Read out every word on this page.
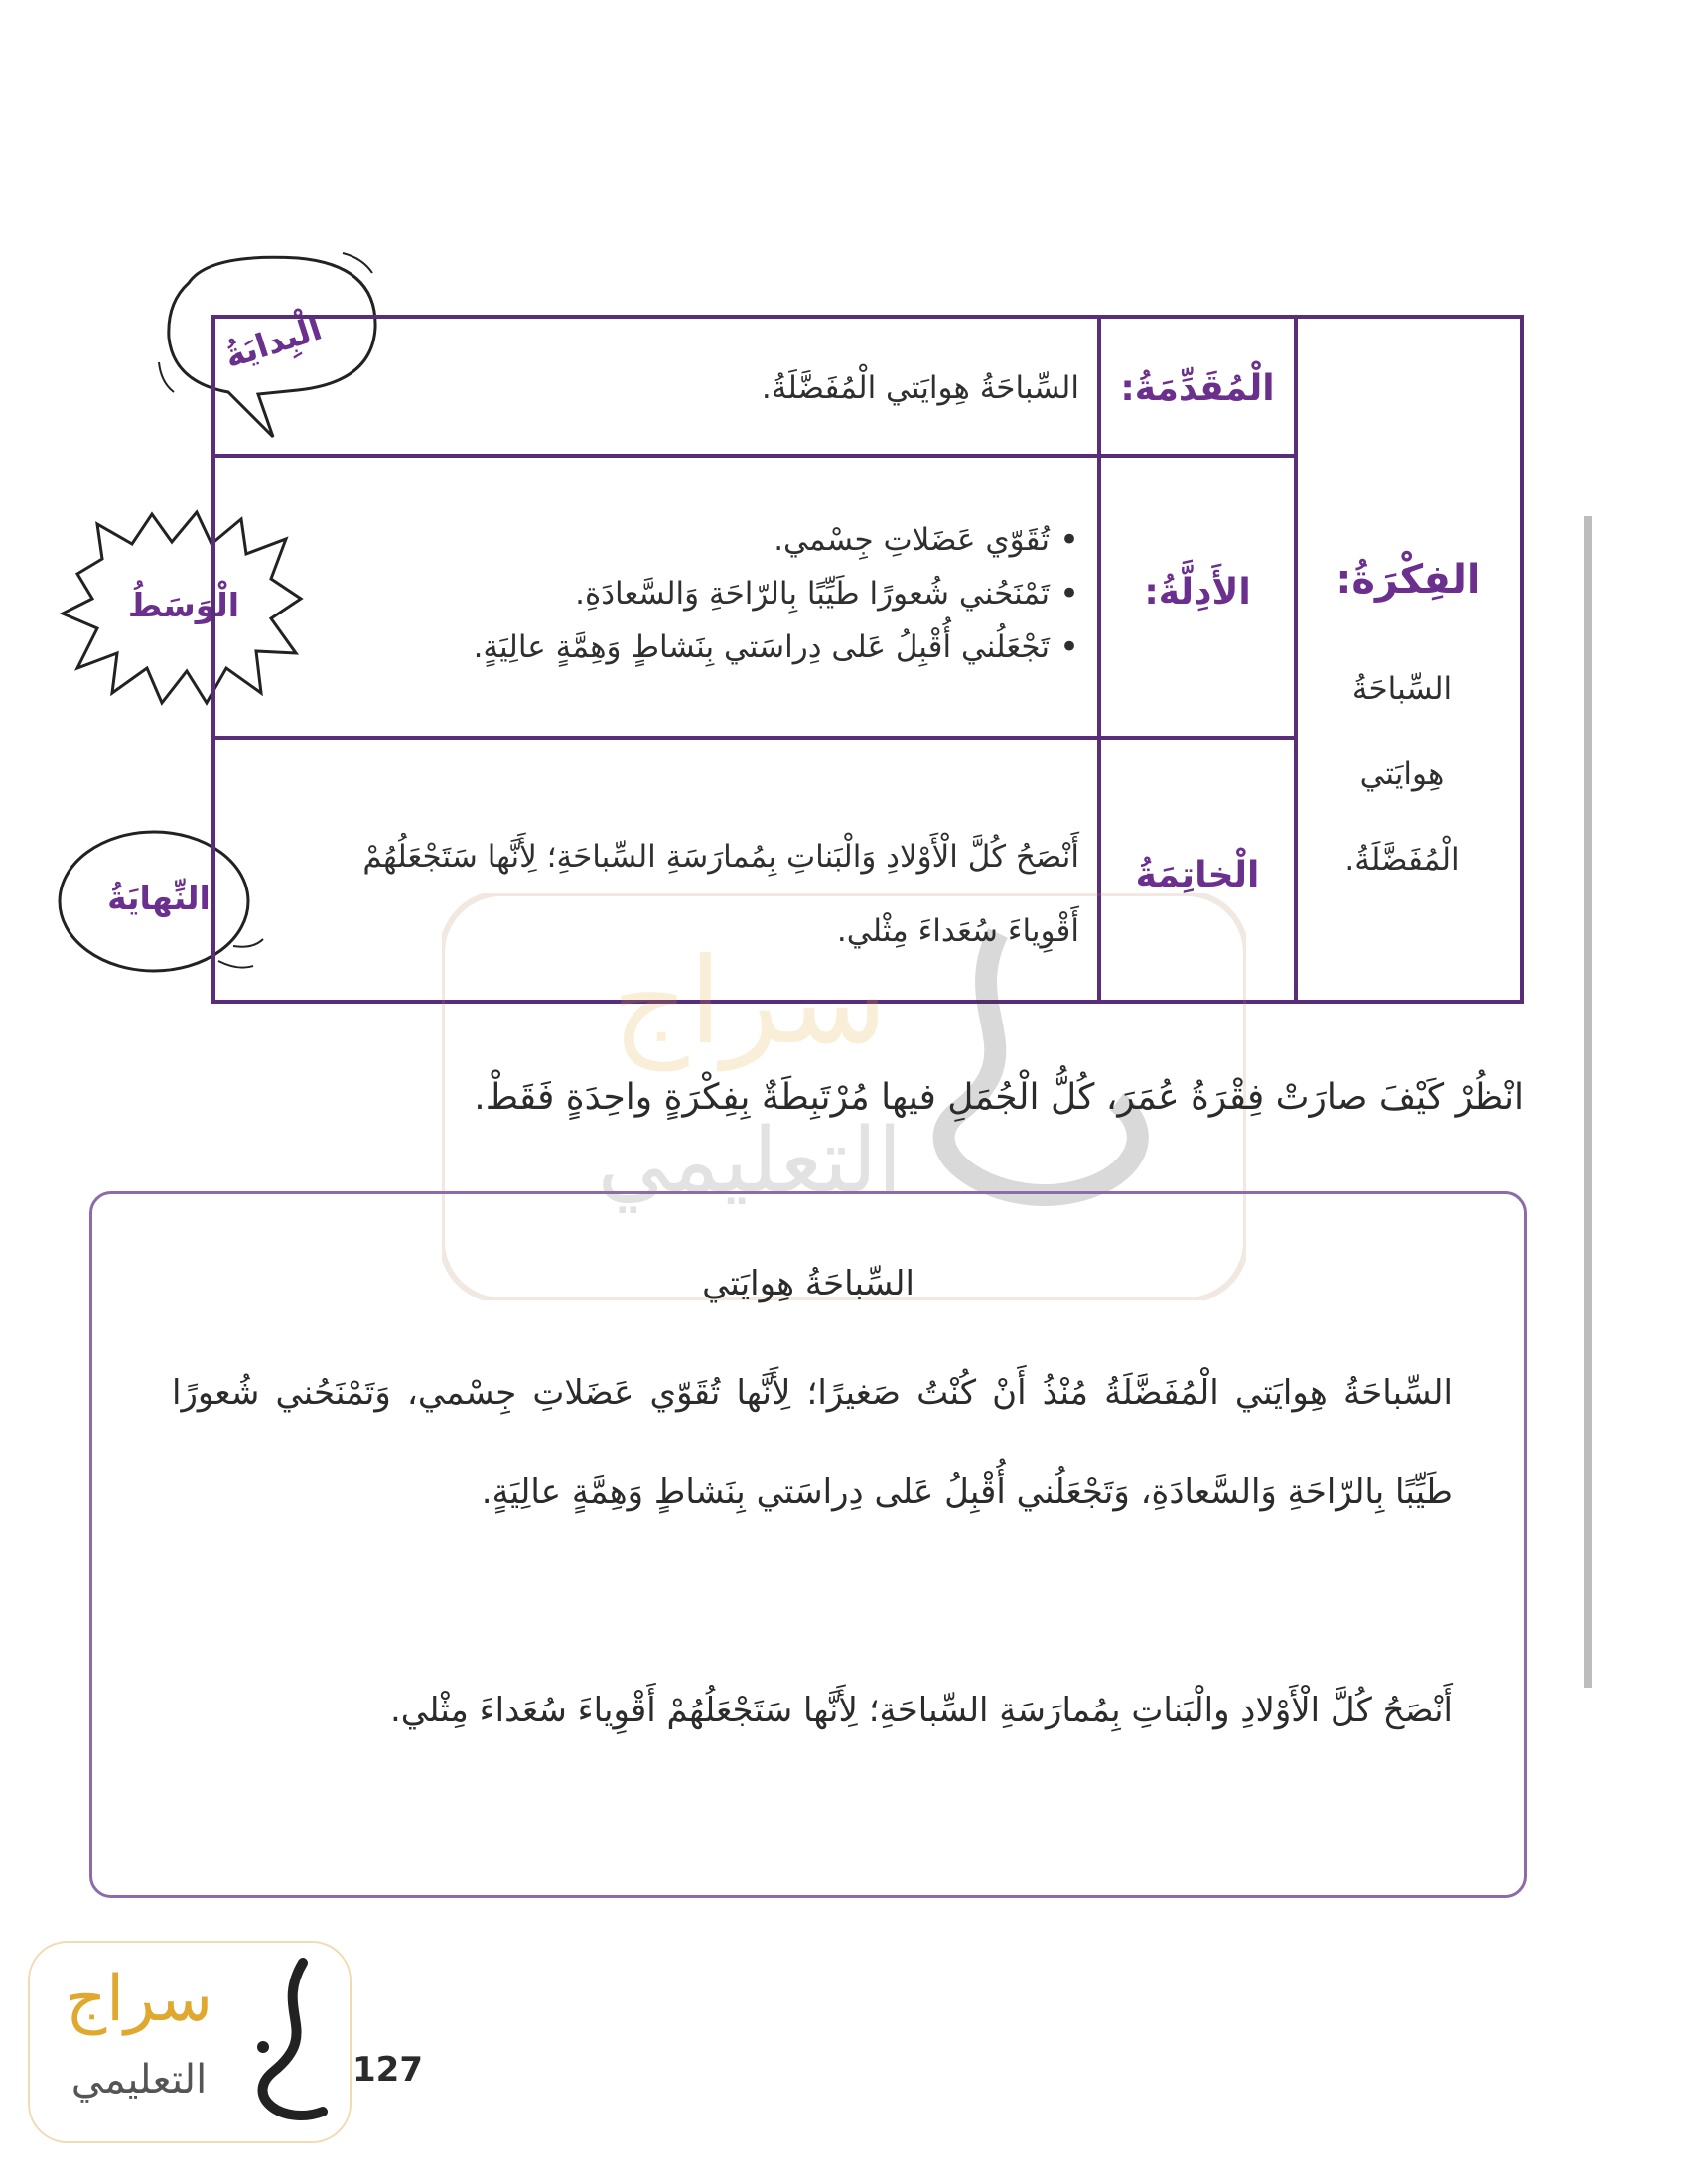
الْبِدايَةُ
الْوَسَطُ
النِّهايَةُ
الفِكْرَةُ:
السِّباحَةُ هِوايَتي الْمُفَضَّلَةُ.
الْمُقَدِّمَةُ:
السِّباحَةُ هِوايَتي الْمُفَضَّلَةُ.
الأَدِلَّةُ:
• تُقَوّي عَضَلاتِ جِسْمي.
• تَمْنَحُني شُعورًا طَيِّبًا بِالرّاحَةِ وَالسَّعادَةِ.
• تَجْعَلُني أُقْبِلُ عَلى دِراسَتي بِنَشاطٍ وَهِمَّةٍ عالِيَةٍ.
الْخاتِمَةُ
أَنْصَحُ كُلَّ الْأَوْلادِ وَالْبَناتِ بِمُمارَسَةِ السِّباحَةِ؛ لِأَنَّها سَتَجْعَلُهُمْ أَقْوِياءَ سُعَداءَ مِثْلي.
سراج
التعليمي
انْظُرْ كَيْفَ صارَتْ فِقْرَةُ عُمَرَ، كُلُّ الْجُمَلِ فيها مُرْتَبِطَةٌ بِفِكْرَةٍ واحِدَةٍ فَقَطْ.
السِّباحَةُ هِوايَتي
السِّباحَةُ هِوايَتي الْمُفَضَّلَةُ مُنْذُ أَنْ كُنْتُ صَغيرًا؛ لِأَنَّها تُقَوّي عَضَلاتِ جِسْمي، وَتَمْنَحُني شُعورًا طَيِّبًا بِالرّاحَةِ وَالسَّعادَةِ، وَتَجْعَلُني أُقْبِلُ عَلى دِراسَتي بِنَشاطٍ وَهِمَّةٍ عالِيَةٍ.
أَنْصَحُ كُلَّ الْأَوْلادِ والْبَناتِ بِمُمارَسَةِ السِّباحَةِ؛ لِأَنَّها سَتَجْعَلُهُمْ أَقْوِياءَ سُعَداءَ مِثْلي.
سراج
التعليمي	127
